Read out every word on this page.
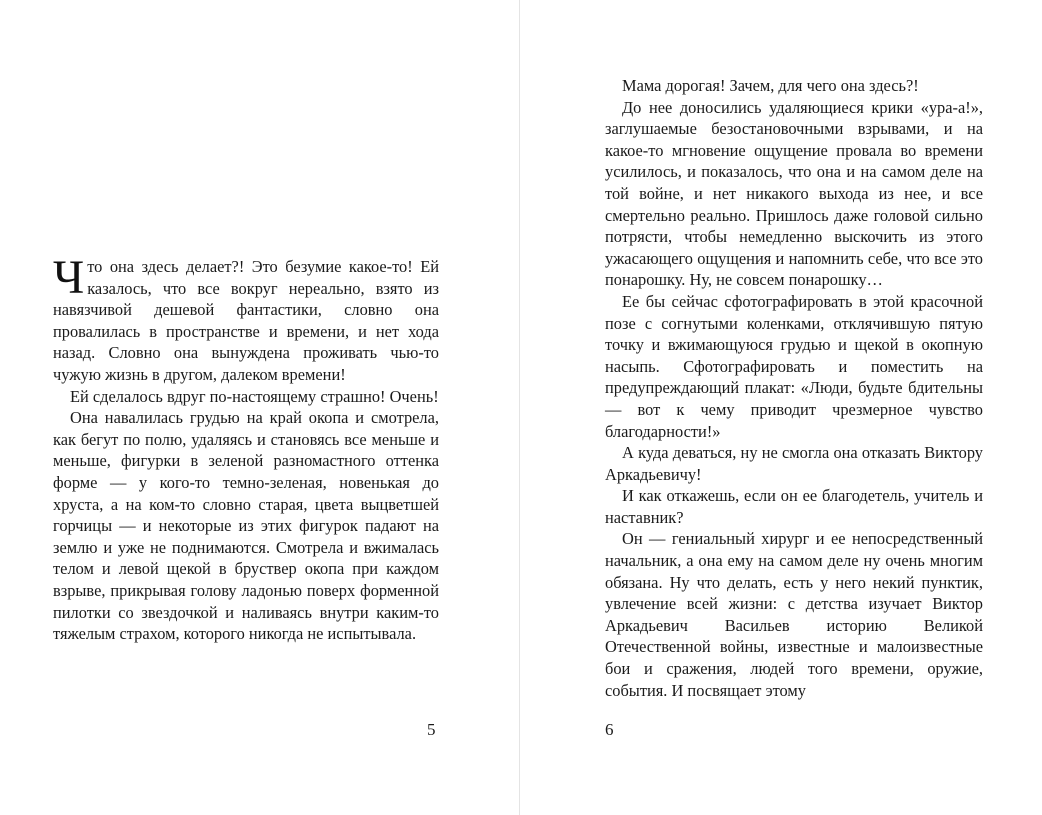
Что она здесь делает?! Это безумие какое-то! Ей казалось, что все вокруг нереально, взято из навязчивой дешевой фантастики, словно она провалилась в пространстве и времени, и нет хода назад. Словно она вынуждена проживать чью-то чужую жизнь в другом, далеком времени!

Ей сделалось вдруг по-настоящему страшно! Очень!

Она навалилась грудью на край окопа и смотрела, как бегут по полю, удаляясь и становясь все меньше и меньше, фигурки в зеленой разномастного оттенка форме — у кого-то темно-зеленая, новенькая до хруста, а на ком-то словно старая, цвета выцветшей горчицы — и некоторые из этих фигурок падают на землю и уже не поднимаются. Смотрела и вжималась телом и левой щекой в бруствер окопа при каждом взрыве, прикрывая голову ладонью поверх форменной пилотки со звездочкой и наливаясь внутри каким-то тяжелым страхом, которого никогда не испытывала.

5

Мама дорогая! Зачем, для чего она здесь?!

До нее доносились удаляющиеся крики «ура-а!», заглушаемые безостановочными взрывами, и на какое-то мгновение ощущение провала во времени усилилось, и показалось, что она и на самом деле на той войне, и нет никакого выхода из нее, и все смертельно реально. Пришлось даже головой сильно потрясти, чтобы немедленно выскочить из этого ужасающего ощущения и напомнить себе, что все это понарошку. Ну, не совсем понарошку…

Ее бы сейчас сфотографировать в этой красочной позе с согнутыми коленками, отклячившую пятую точку и вжимающуюся грудью и щекой в окопную насыпь. Сфотографировать и поместить на предупреждающий плакат: «Люди, будьте бдительны — вот к чему приводит чрезмерное чувство благодарности!»

А куда деваться, ну не смогла она отказать Виктору Аркадьевичу!

И как откажешь, если он ее благодетель, учитель и наставник?

Он — гениальный хирург и ее непосредственный начальник, а она ему на самом деле ну очень многим обязана. Ну что делать, есть у него некий пунктик, увлечение всей жизни: с детства изучает Виктор Аркадьевич Васильев историю Великой Отечественной войны, известные и малоизвестные бои и сражения, людей того времени, оружие, события. И посвящает этому

6
